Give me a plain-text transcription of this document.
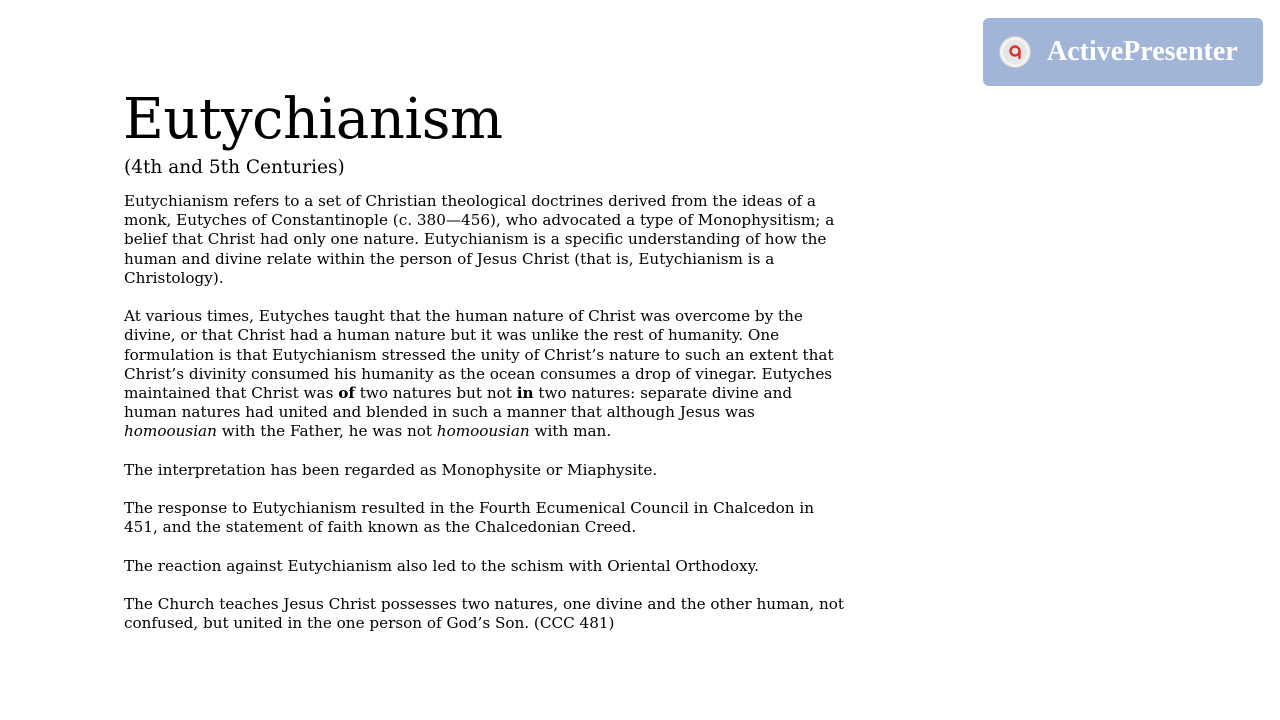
Eutychianism
(4th and 5th Centuries)

Eutychianism refers to a set of Christian theological doctrines derived from the ideas of a monk, Eutyches of Constantinople (c. 380—456), who advocated a type of Monophysitism; a belief that Christ had only one nature. Eutychianism is a specific understanding of how the human and divine relate within the person of Jesus Christ (that is, Eutychianism is a Christology).

At various times, Eutyches taught that the human nature of Christ was overcome by the divine, or that Christ had a human nature but it was unlike the rest of humanity. One formulation is that Eutychianism stressed the unity of Christ’s nature to such an extent that Christ’s divinity consumed his humanity as the ocean consumes a drop of vinegar. Eutyches maintained that Christ was of two natures but not in two natures: separate divine and human natures had united and blended in such a manner that although Jesus was homoousian with the Father, he was not homoousian with man.

The interpretation has been regarded as Monophysite or Miaphysite.

The response to Eutychianism resulted in the Fourth Ecumenical Council in Chalcedon in 451, and the statement of faith known as the Chalcedonian Creed.

The reaction against Eutychianism also led to the schism with Oriental Orthodoxy.

The Church teaches Jesus Christ possesses two natures, one divine and the other human, not confused, but united in the one person of God’s Son. (CCC 481)

ActivePresenter
